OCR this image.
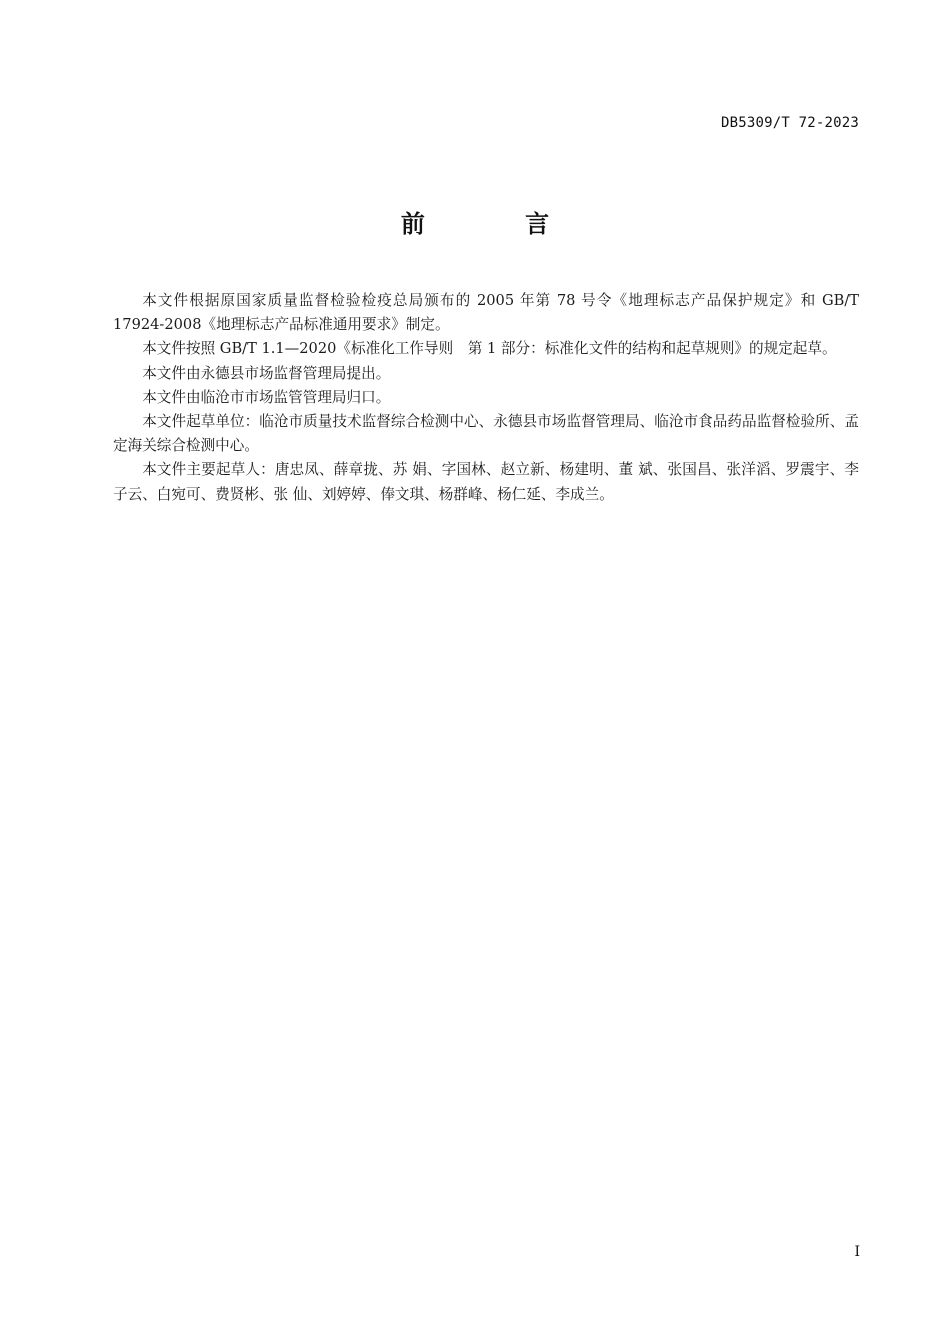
DB5309/T 72-2023
前 言

本文件根据原国家质量监督检验检疫总局颁布的 2005 年第 78 号令《地理标志产品保护规定》和 GB/T 17924-2008《地理标志产品标准通用要求》制定。

本文件按照 GB/T 1.1—2020《标准化工作导则　第 1 部分：标准化文件的结构和起草规则》的规定起草。

本文件由永德县市场监督管理局提出。

本文件由临沧市市场监管管理局归口。

本文件起草单位：临沧市质量技术监督综合检测中心、永德县市场监督管理局、临沧市食品药品监督检验所、孟定海关综合检测中心。

本文件主要起草人：唐忠凤、薛章拢、苏 娟、字国林、赵立新、杨建明、董 斌、张国昌、张洋滔、罗震宇、李子云、白宛可、费贤彬、张 仙、刘婷婷、俸文琪、杨群峰、杨仁延、李成兰。

I
